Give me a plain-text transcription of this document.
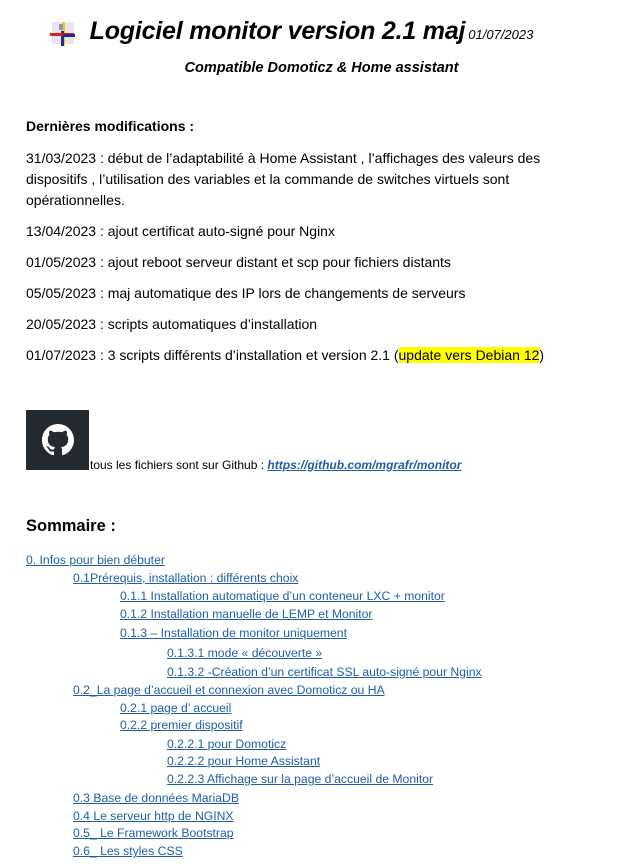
Logiciel monitor version 2.1 maj 01/07/2023
Compatible Domoticz & Home assistant
Dernières modifications :

31/03/2023 : début de l’adaptabilité à Home Assistant , l’affichages des valeurs des dispositifs , l’utilisation des variables et la commande de switches virtuels sont opérationnelles.

13/04/2023 : ajout certificat auto-signé pour Nginx

01/05/2023 : ajout reboot serveur distant et scp pour fichiers distants

05/05/2023 : maj automatique des IP lors de changements de serveurs

20/05/2023 : scripts automatiques d’installation

01/07/2023 : 3 scripts différents d’installation et version 2.1 (update vers Debian 12)

tous les fichiers sont sur Github : https://github.com/mgrafr/monitor
Sommaire :
0. Infos pour bien débuter
0.1Prérequis, installation : différents choix
0.1.1 Installation automatique d’un conteneur LXC + monitor
0.1.2 Installation manuelle de LEMP et Monitor
0.1.3 – Installation de monitor uniquement
0.1.3.1 mode « découverte »
0.1.3.2 -Création d’un certificat SSL auto-signé pour Nginx
0.2_La page d’accueil et connexion avec Domoticz ou HA
0.2.1 page d’ accueil
0.2.2 premier dispositif
0.2.2.1 pour Domoticz
0.2.2.2 pour Home Assistant
0.2.2.3 Affichage sur la page d’accueil de Monitor
0.3 Base de données MariaDB
0.4 Le serveur http de NGINX
0.5_ Le Framework Bootstrap
0.6_ Les styles CSS
